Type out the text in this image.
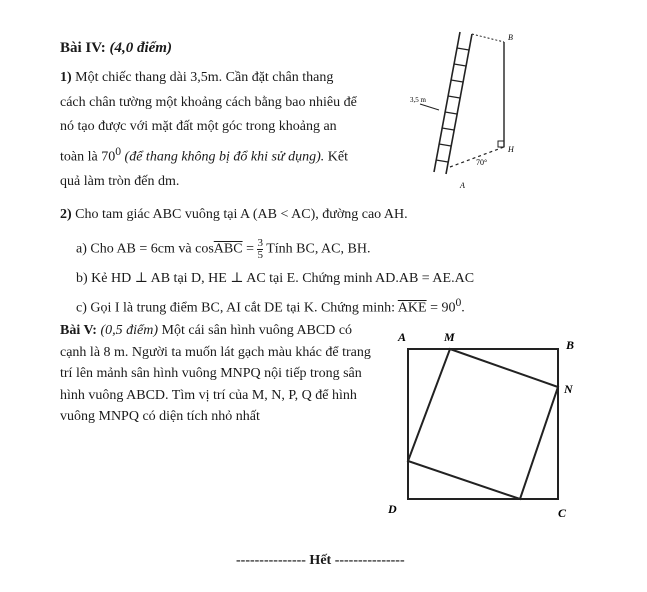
Bài IV: (4,0 điểm)
1) Một chiếc thang dài 3,5m. Cần đặt chân thang cách chân tường một khoảng cách bằng bao nhiêu để nó tạo được với mặt đất một góc trong khoảng an toàn là $70^0$ (để thang không bị đổ khi sử dụng). Kết quả làm tròn đến dm.
3,5 m
70°
A
B
H
2) Cho tam giác ABC vuông tại A (AB < AC), đường cao AH.
a) Cho AB = 6cm và $\cos\overline{ABC} = \frac{3}{5}$ Tính BC, AC, BH.
b) Kẻ HD ⊥ AB tại D, HE ⊥ AC tại E. Chứng minh AD.AB = AE.AC
c) Gọi I là trung điểm BC, AI cắt DE tại K. Chứng minh: $\overline{AKE} = 90^0$.
Bài V: (0,5 điểm) Một cái sân hình vuông ABCD có cạnh là 8 m. Người ta muốn lát gạch màu khác để trang trí lên mảnh sân hình vuông MNPQ nội tiếp trong sân hình vuông ABCD. Tìm vị trí của M, N, P, Q để hình vuông MNPQ có diện tích nhỏ nhất
A	M
B
N
C
D
--------------- Hết ---------------
